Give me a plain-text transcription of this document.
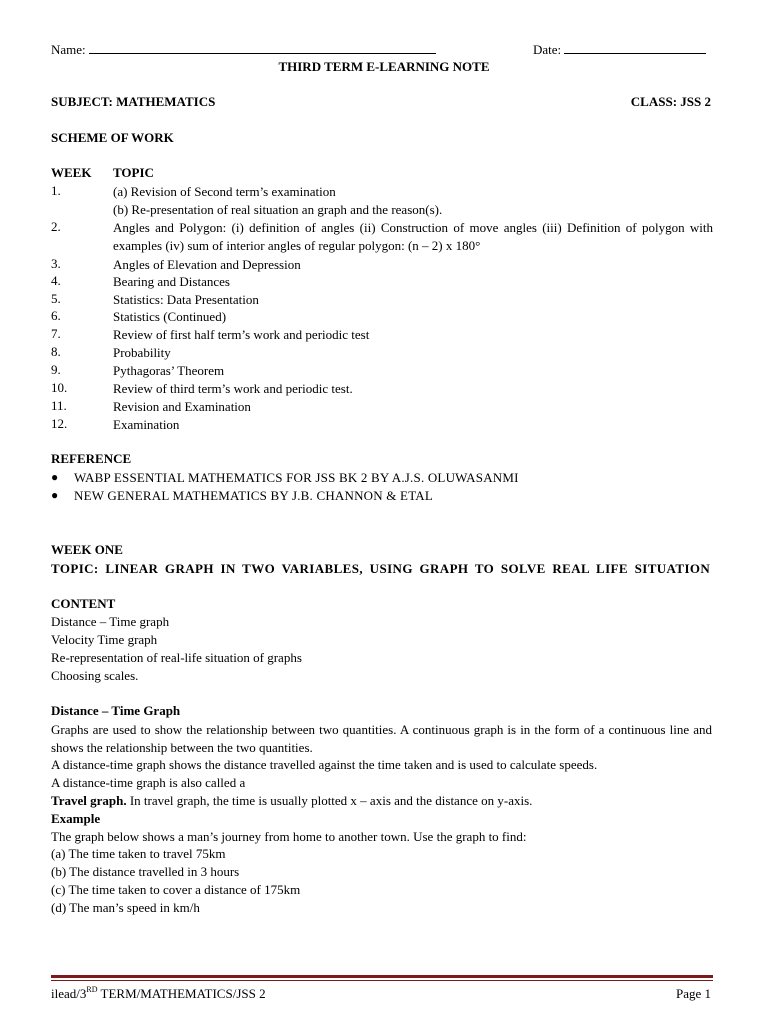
Name:	Date:
THIRD TERM E-LEARNING NOTE
SUBJECT: MATHEMATICS	CLASS: JSS 2
SCHEME OF WORK
WEEK TOPIC
1.	(a) Revision of Second term’s examination
(b) Re-presentation of real situation an graph and the reason(s).
2.	Angles and Polygon: (i) definition of angles (ii) Construction of move angles (iii) Definition of polygon with examples (iv) sum of interior angles of regular polygon: (n – 2) x 180°
3.	Angles of Elevation and Depression
4.	Bearing and Distances
5.	Statistics: Data Presentation
6.	Statistics (Continued)
7.	Review of first half term’s work and periodic test
8.	Probability
9.	Pythagoras’ Theorem
10.	Review of third term’s work and periodic test.
11.	Revision and Examination
12.	Examination
REFERENCE
● WABP ESSENTIAL MATHEMATICS FOR JSS BK 2 BY A.J.S. OLUWASANMI
● NEW GENERAL MATHEMATICS BY J.B. CHANNON & ETAL
WEEK ONE
TOPIC: LINEAR GRAPH IN TWO VARIABLES, USING GRAPH TO SOLVE REAL LIFE SITUATION
CONTENT
Distance – Time graph
Velocity Time graph
Re-representation of real-life situation of graphs
Choosing scales.
Distance – Time Graph
Graphs are used to show the relationship between two quantities. A continuous graph is in the form of a continuous line and shows the relationship between the two quantities.
A distance-time graph shows the distance travelled against the time taken and is used to calculate speeds.
A distance-time graph is also called a
Travel graph. In travel graph, the time is usually plotted x – axis and the distance on y-axis.
Example
The graph below shows a man’s journey from home to another town. Use the graph to find:
(a) The time taken to travel 75km
(b) The distance travelled in 3 hours
(c) The time taken to cover a distance of 175km
(d) The man’s speed in km/h
ilead/3RD TERM/MATHEMATICS/JSS 2	Page 1
